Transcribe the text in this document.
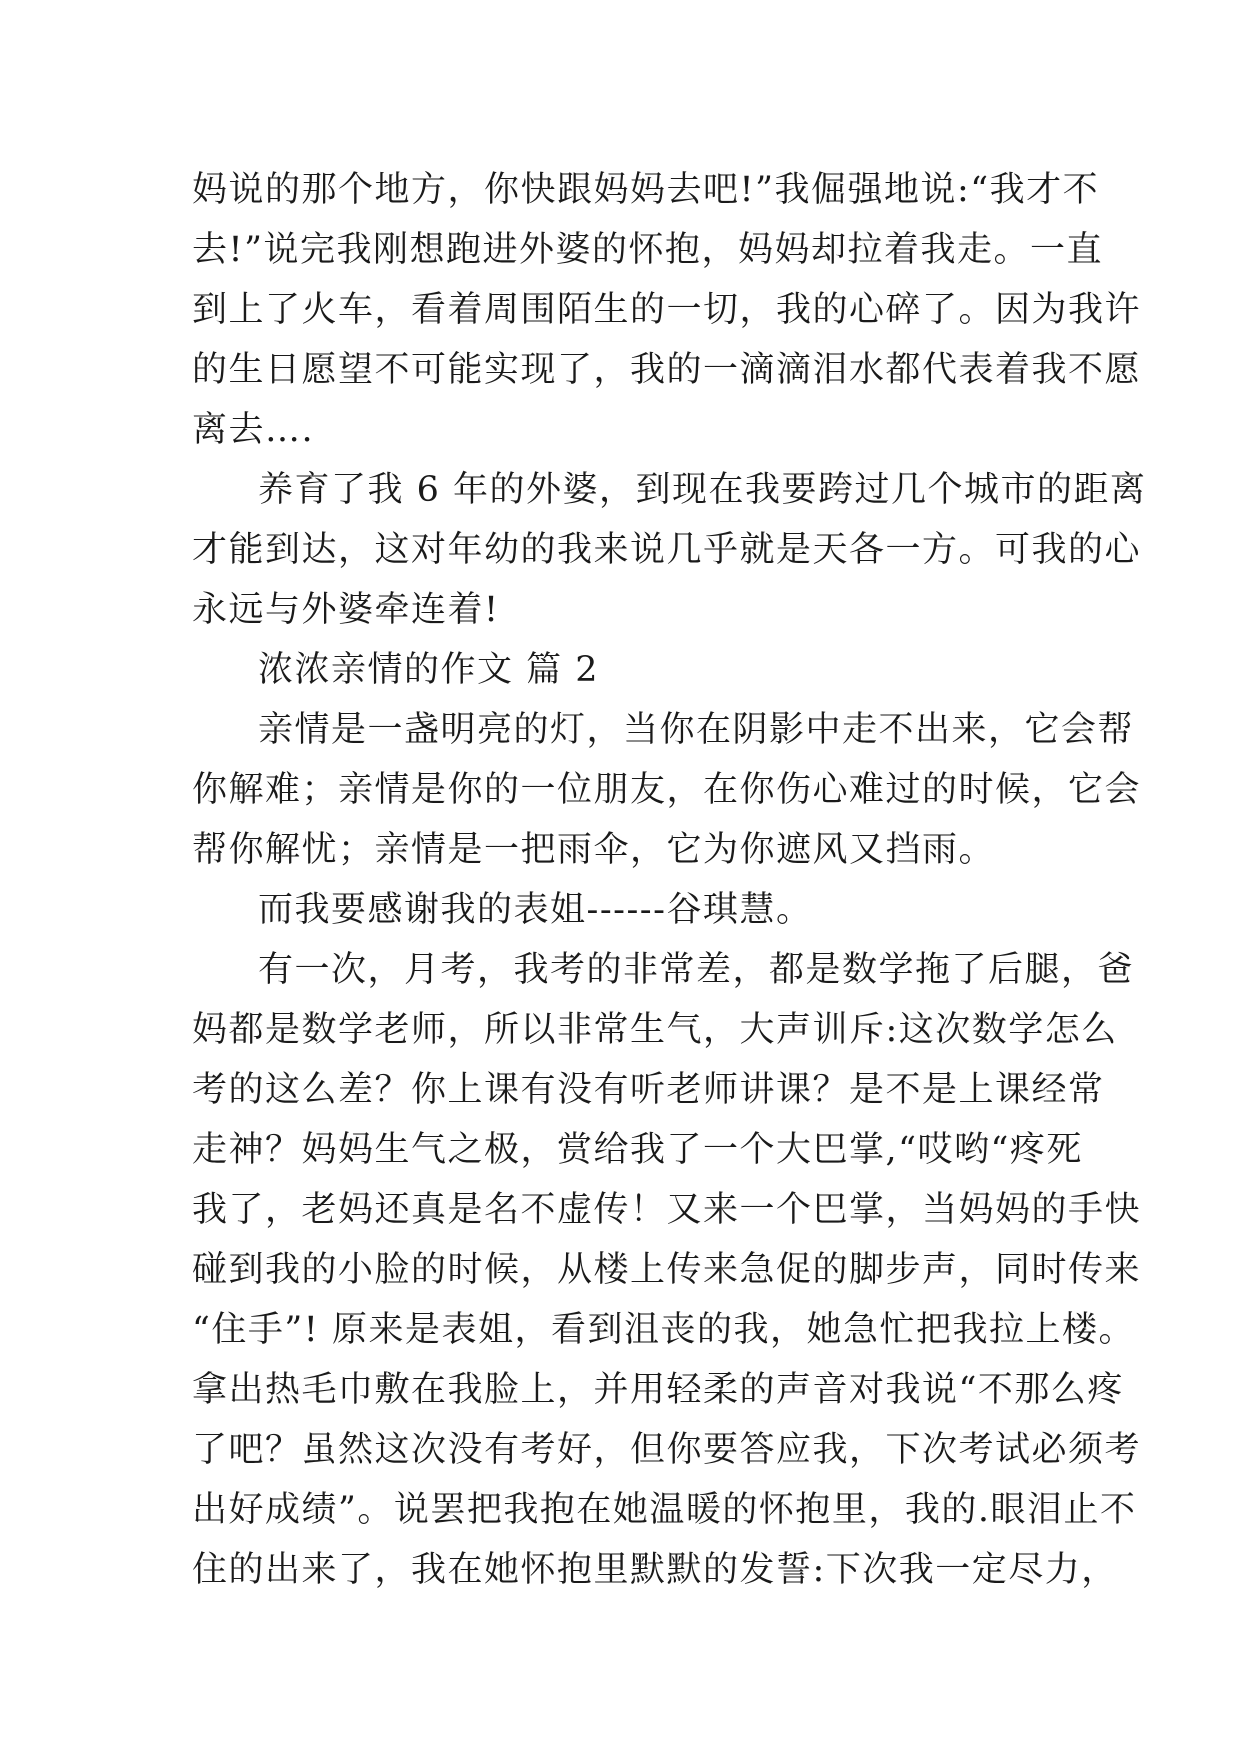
妈说的那个地方，你快跟妈妈去吧!”我倔强地说:“我才不
去!”说完我刚想跑进外婆的怀抱，妈妈却拉着我走。一直
到上了火车，看着周围陌生的一切，我的心碎了。因为我许
的生日愿望不可能实现了，我的一滴滴泪水都代表着我不愿
离去….
养育了我 6 年的外婆，到现在我要跨过几个城市的距离
才能到达，这对年幼的我来说几乎就是天各一方。可我的心
永远与外婆牵连着!
浓浓亲情的作文 篇 2
亲情是一盏明亮的灯，当你在阴影中走不出来，它会帮
你解难；亲情是你的一位朋友，在你伤心难过的时候，它会
帮你解忧；亲情是一把雨伞，它为你遮风又挡雨。
而我要感谢我的表姐------谷琪慧。
有一次，月考，我考的非常差，都是数学拖了后腿，爸
妈都是数学老师，所以非常生气，大声训斥:这次数学怎么
考的这么差？你上课有没有听老师讲课？是不是上课经常
走神？妈妈生气之极，赏给我了一个大巴掌,“哎哟“疼死
我了，老妈还真是名不虚传！又来一个巴掌，当妈妈的手快
碰到我的小脸的时候，从楼上传来急促的脚步声，同时传来
“住手”! 原来是表姐，看到沮丧的我，她急忙把我拉上楼。
拿出热毛巾敷在我脸上，并用轻柔的声音对我说“不那么疼
了吧？虽然这次没有考好，但你要答应我，下次考试必须考
出好成绩”。说罢把我抱在她温暖的怀抱里，我的.眼泪止不
住的出来了，我在她怀抱里默默的发誓:下次我一定尽力，
